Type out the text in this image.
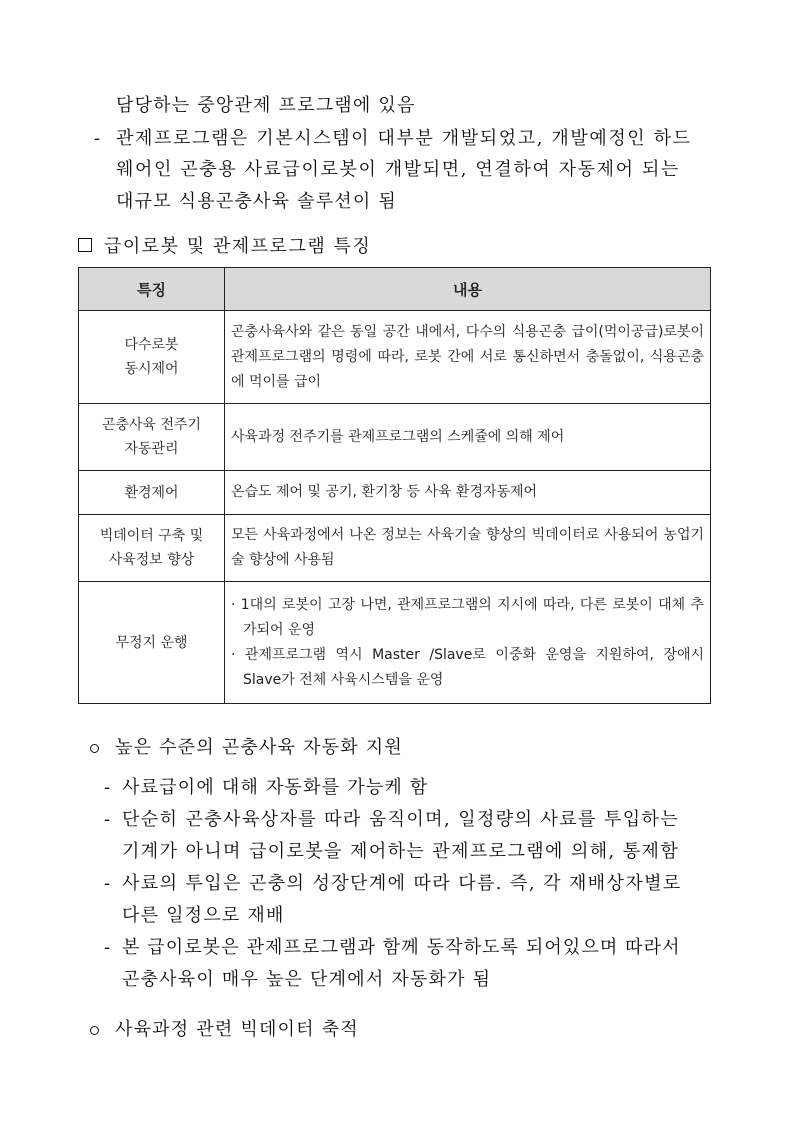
담당하는 중앙관제 프로그램에 있음
- 관제프로그램은 기본시스템이 대부분 개발되었고, 개발예정인 하드
웨어인 곤충용 사료급이로봇이 개발되면, 연결하여 자동제어 되는
대규모 식용곤충사육 솔루션이 됨
급이로봇 및 관제프로그램 특징
특징	내용

다수로봇
동시제어	곤충사육사와 같은 동일 공간 내에서, 다수의 식용곤충 급이(먹이공급)로봇이 관제프로그램의 명령에 따라, 로봇 간에 서로 통신하면서 충돌없이, 식용곤충에 먹이를 급이

곤충사육 전주기
자동관리	사육과정 전주기를 관제프로그램의 스케쥴에 의해 제어

환경제어	온습도 제어 및 공기, 환기창 등 사육 환경자동제어

빅데이터 구축 및
사육정보 향상	모든 사육과정에서 나온 정보는 사육기술 향상의 빅데이터로 사용되어 농업기술 향상에 사용됨

무정지 운행	· 1대의 로봇이 고장 나면, 관제프로그램의 지시에 따라, 다른 로봇이 대체 추가되어 운영
· 관제프로그램 역시 Master /Slave로 이중화 운영을 지원하여, 장애시 Slave가 전체 사육시스템을 운영
높은 수준의 곤충사육 자동화 지원
- 사료급이에 대해 자동화를 가능케 함
- 단순히 곤충사육상자를 따라 움직이며, 일정량의 사료를 투입하는
기계가 아니며 급이로봇을 제어하는 관제프로그램에 의해, 통제함
- 사료의 투입은 곤충의 성장단계에 따라 다름. 즉, 각 재배상자별로
다른 일정으로 재배
- 본 급이로봇은 관제프로그램과 함께 동작하도록 되어있으며 따라서
곤충사육이 매우 높은 단계에서 자동화가 됨
사육과정 관련 빅데이터 축적
